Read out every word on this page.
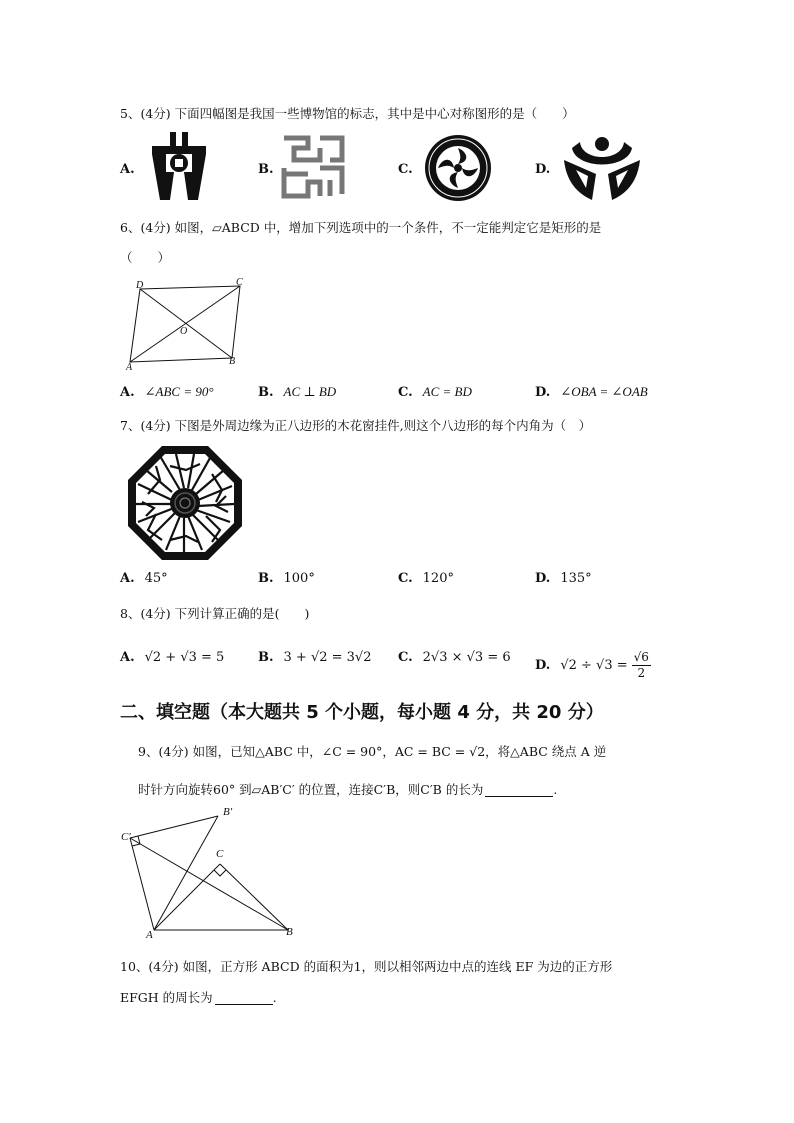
5、(4分) 下面四幅图是我国一些博物馆的标志，其中是中心对称图形的是（　　）
A.	B.	C.	D.
6、(4分) 如图，▱ABCD 中，增加下列选项中的一个条件，不一定能判定它是矩形的是
（　　）
D	C
O
A
B
A. ∠ABC = 90°	B. AC ⊥ BD	C. AC = BD	D. ∠OBA = ∠OAB
7、(4分) 下图是外周边缘为正八边形的木花窗挂件,则这个八边形的每个内角为（　）
A. 45°	B. 100°	C. 120°	D. 135°
8、(4分) 下列计算正确的是(　　)
A. √2 + √3 = 5	B. 3 + √2 = 3√2 C. 2√3 × √3 = 6
D. $√2 \div √3 = \frac{√6}{2}$
二、填空题（本大题共 5 个小题，每小题 4 分，共 20 分）
9、(4分) 如图，已知△ABC 中，∠C = 90°，AC = BC = √2，将△ABC 绕点 A 逆
时针方向旋转60° 到▱AB′C′ 的位置，连接C′B，则C′B 的长为	.
C′
B′
C
A	B
10、(4分) 如图，正方形 ABCD 的面积为1，则以相邻两边中点的连线 EF 为边的正方形
EFGH 的周长为	.
